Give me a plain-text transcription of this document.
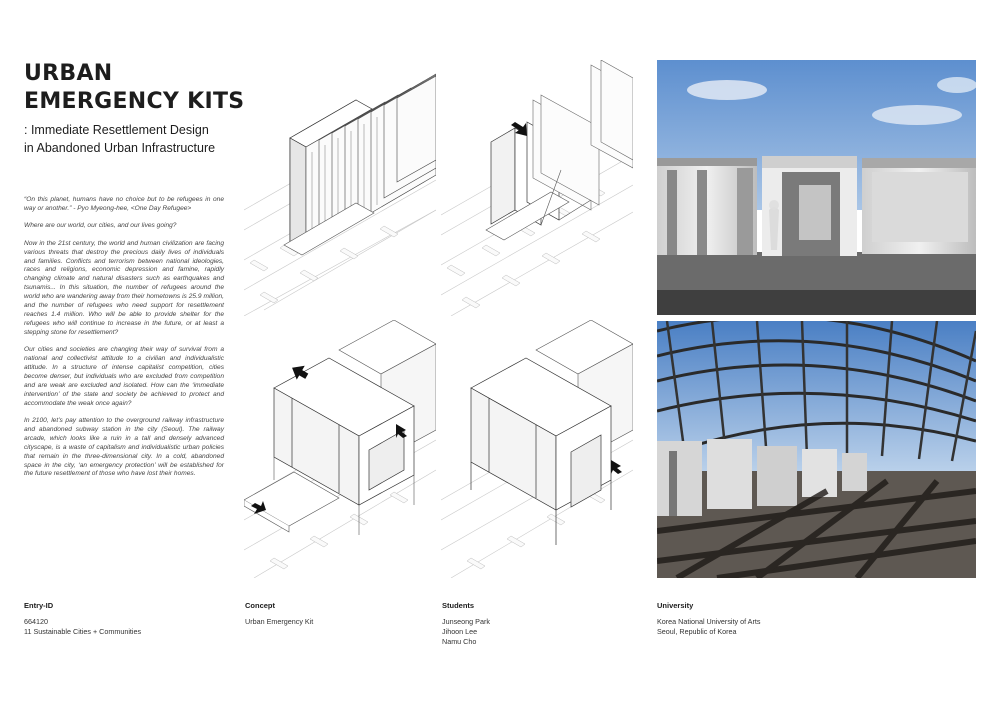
URBAN
EMERGENCY KITS
: Immediate Resettlement Design
in Abandoned Urban Infrastructure

“On this planet, humans have no choice but to be refugees in one way or another.” - Pyo Myeong-hee, <One Day Refugee>

Where are our world, our cities, and our lives going?

Now in the 21st century, the world and human civilization are facing various threats that destroy the precious daily lives of individuals and families. Conflicts and terrorism between national ideologies, races and religions, economic depression and famine, rapidly changing climate and natural disasters such as earthquakes and tsunamis... In this situation, the number of refugees around the world who are wandering away from their hometowns is 25.9 million, and the number of refugees who need support for resettlement reaches 1.4 million. Who will be able to provide shelter for the refugees who will continue to increase in the future, or at least a stepping stone for resettlement?

Our cities and societies are changing their way of survival from a national and collectivist attitude to a civilian and individualistic attitude. In a structure of intense capitalist competition, cities become denser, but individuals who are excluded from competition and are weak are excluded and isolated. How can the ‘immediate intervention’ of the state and society be achieved to protect and accommodate the weak once again?

In 2100, let’s pay attention to the overground railway infrastructure and abandoned subway station in the city (Seoul). The railway arcade, which looks like a ruin in a tall and densely advanced cityscape, is a waste of capitalism and individualistic urban policies that remain in the three-dimensional city. In a cold, abandoned space in the city, ‘an emergency protection’ will be established for the future resettlement of those who have lost their homes.

Entry-ID
664120
11 Sustainable Cities + Communities
Concept
Urban Emergency Kit
Students
Junseong Park
Jihoon Lee
Namu Cho
University
Korea National University of Arts
Seoul, Republic of Korea
